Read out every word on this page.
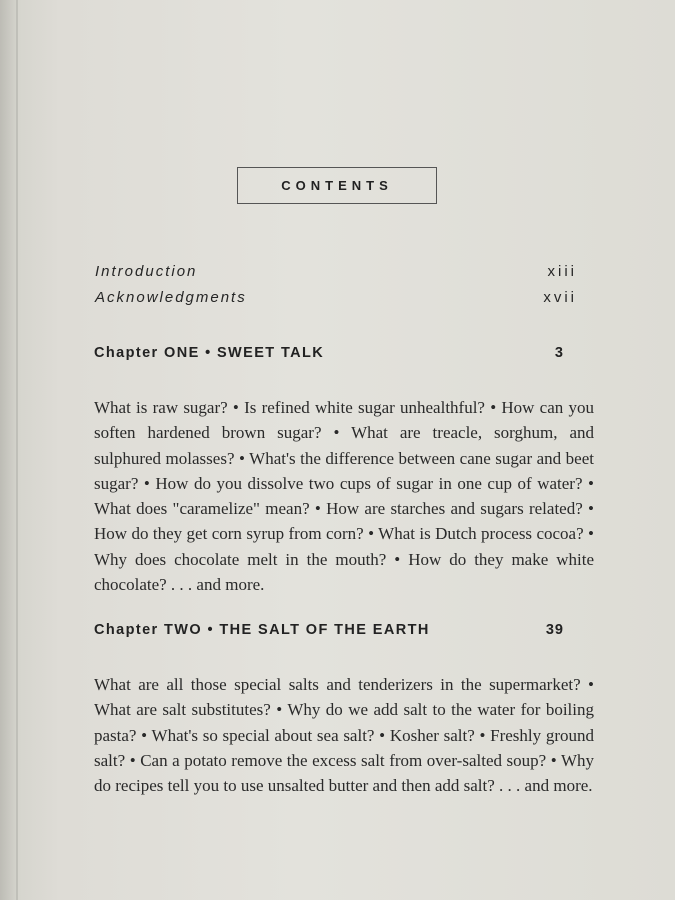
CONTENTS
Introduction	xiii
Acknowledgments	xvii
Chapter ONE • SWEET TALK	3
What is raw sugar? • Is refined white sugar unhealthful? • How can you soften hardened brown sugar? • What are treacle, sorghum, and sulphured molasses? • What's the difference between cane sugar and beet sugar? • How do you dissolve two cups of sugar in one cup of water? • What does "caramelize" mean? • How are starches and sugars related? • How do they get corn syrup from corn? • What is Dutch process cocoa? • Why does chocolate melt in the mouth? • How do they make white chocolate? . . . and more.
Chapter TWO • THE SALT OF THE EARTH	39
What are all those special salts and tenderizers in the supermarket? • What are salt substitutes? • Why do we add salt to the water for boiling pasta? • What's so special about sea salt? • Kosher salt? • Freshly ground salt? • Can a potato remove the excess salt from over-salted soup? • Why do recipes tell you to use unsalted butter and then add salt? . . . and more.
